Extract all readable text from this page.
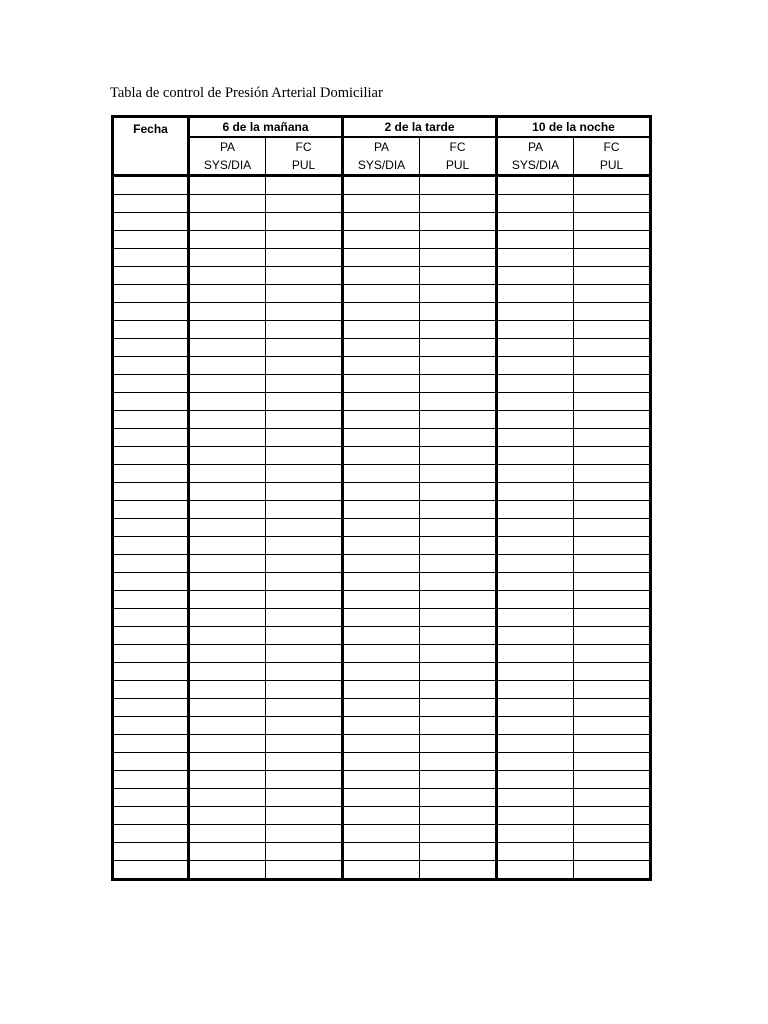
Tabla de control de Presión Arterial Domiciliar
Fecha	6 de la mañana		2 de la tarde		10 de la noche	
	PA	FC	PA	FC	PA	FC
	SYS/DIA	PUL	SYS/DIA	PUL	SYS/DIA	PUL
